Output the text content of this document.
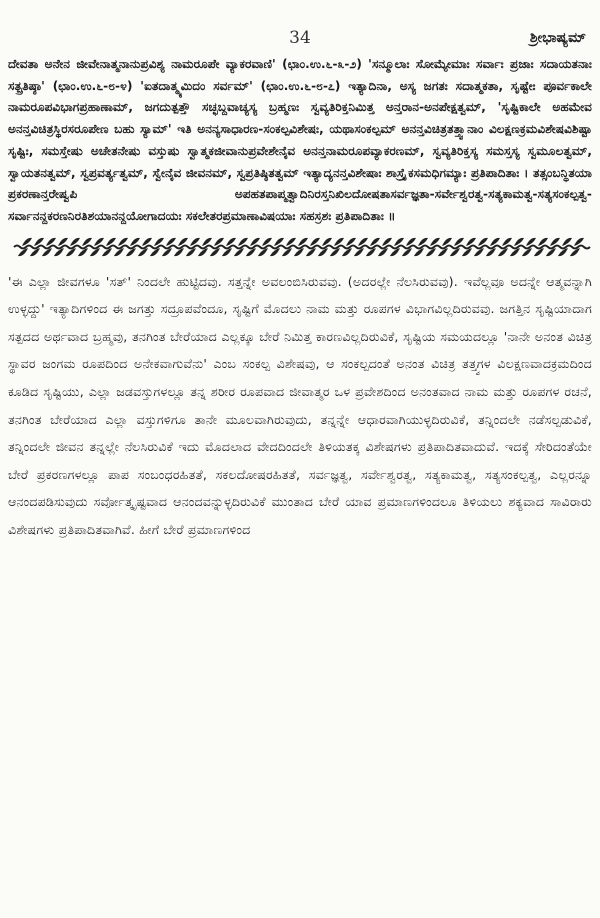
34	ಶ್ರೀಭಾಷ್ಯಮ್

ದೇವತಾ ಅನೇನ ಜೀವೇನಾತ್ಮನಾನುಪ್ರವಿಶ್ಯ ನಾಮರೂಪೇ ವ್ಯಾಕರವಾಣಿ' (ಛಾಂ.ಉ.೬-೩-೨) 'ಸನ್ಮೂಲಾಃ ಸೋಮ್ಯೇಮಾಃ ಸರ್ವಾಃ ಪ್ರಜಾಃ ಸದಾಯತನಾಃ ಸತ್ಪ್ರತಿಷ್ಠಾ' (ಛಾಂ.ಉ.೬-೮-೪) 'ಐತದಾತ್ಮ್ಯಮಿದಂ ಸರ್ವಮ್' (ಛಾಂ.ಉ.೬-೮-೭) ಇತ್ಯಾದಿನಾ, ಅಸ್ಯ ಜಗತಃ ಸದಾತ್ಮಕತಾ, ಸೃಷ್ಟೇಃ ಪೂರ್ವಕಾಲೇ ನಾಮರೂಪವಿಭಾಗಪ್ರಹಾಣಾಮ್, ಜಗದುತ್ಪತ್ತೌ ಸಚ್ಛಬ್ದವಾಚ್ಯಸ್ಯ ಬ್ರಹ್ಮಣಃ ಸ್ವವ್ಯತಿರಿಕ್ತನಿಮಿತ್ತ ಅನ್ತರಾನ-ಅನಪೇಕ್ಷತ್ವಮ್, 'ಸೃಷ್ಟಿಕಾಲೇ ಅಹಮೇವ ಅನನ್ತವಿಚಿತ್ರಸ್ಥಿರಸರೂಪೇಣ ಬಹು ಸ್ಯಾಮ್' ಇತಿ ಅನನ್ಯಸಾಧಾರಣ-ಸಂಕಲ್ಪವಿಶೇಷಃ, ಯಥಾಸಂಕಲ್ಪಮ್ ಅನನ್ತವಿಚಿತ್ರತತ್ತ್ವಾನಾಂ ವಿಲಕ್ಷಣಕ್ರಮವಿಶೇಷವಿಶಿಷ್ಟಾ ಸೃಷ್ಟಿಃ, ಸಮಸ್ತೇಷು ಅಚೇತನೇಷು ವಸ್ತುಷು ಸ್ವಾತ್ಮಕಜೀವಾನುಪ್ರವೇಶೇನೈವ ಅನನ್ತನಾಮರೂಪವ್ಯಾಕರಣಮ್, ಸ್ವವ್ಯತಿರಿಕ್ತಸ್ಯ ಸಮಸ್ತಸ್ಯ ಸ್ವಮೂಲತ್ವಮ್, ಸ್ವಾಯತನತ್ವಮ್, ಸ್ವಪ್ರವರ್ತ್ಯತ್ವಮ್, ಸ್ವೇನೈವ ಜೀವನಮ್, ಸ್ವಪ್ರತಿಷ್ಠಿತತ್ವಮ್ ಇತ್ಯಾದ್ಯನನ್ತವಿಶೇಷಾಃ ಶಾಸ್ತ್ರೈಕಸಮಧಿಗಮ್ಯಾಃ ಪ್ರತಿಪಾದಿತಾಃ । ತತ್ಸಂಬನ್ಧಿತಯಾ ಪ್ರಕರಣಾನ್ತರೇಷ್ವಪಿ ಅಪಹತಪಾಪ್ಮತ್ವಾದಿನಿರಸ್ತನಿಖಿಲದೋಷತಾಸರ್ವಜ್ಞತಾ-ಸರ್ವೇಶ್ವರತ್ವ-ಸತ್ಯಕಾಮತ್ವ-ಸತ್ಯಸಂಕಲ್ಪತ್ವ-ಸರ್ವಾನನ್ದಕರಣನಿರತಿಶಯಾನನ್ದಯೋಗಾದಯಃ ಸಕಲೇತರಪ್ರಮಾಣಾವಿಷಯಾಃ ಸಹಸ್ರಶಃ ಪ್ರತಿಪಾದಿತಾಃ ॥

'ಈ ಎಲ್ಲಾ ಜೀವಗಳೂ 'ಸತ್' ನಿಂದಲೇ ಹುಟ್ಟಿದವು. ಸತ್ತನ್ನೇ ಅವಲಂಬಿಸಿರುವವು. (ಅದರಲ್ಲೇ ನೆಲಸಿರುವವು). ಇವೆಲ್ಲವೂ ಅದನ್ನೇ ಆತ್ಮವನ್ನಾಗಿ ಉಳ್ಳದ್ದು' ಇತ್ಯಾದಿಗಳಿಂದ ಈ ಜಗತ್ತು ಸದ್ರೂಪವೆಂದೂ, ಸೃಷ್ಟಿಗೆ ಮೊದಲು ನಾಮ ಮತ್ತು ರೂಪಗಳ ವಿಭಾಗವಿಲ್ಲದಿರುವವು. ಜಗತ್ತಿನ ಸೃಷ್ಟಿಯಾದಾಗ ಸತ್ಪದದ ಅರ್ಥವಾದ ಬ್ರಹ್ಮವು, ತನಗಿಂತ ಬೇರೆಯಾದ ಎಲ್ಲಕ್ಕೂ ಬೇರೆ ನಿಮಿತ್ತ ಕಾರಣವಿಲ್ಲದಿರುವಿಕೆ, ಸೃಷ್ಟಿಯ ಸಮಯದಲ್ಲೂ 'ನಾನೇ ಅನಂತ ವಿಚಿತ್ರ ಸ್ಥಾವರ ಜಂಗಮ ರೂಪದಿಂದ ಅನೇಕವಾಗುವೆನು' ಎಂಬ ಸಂಕಲ್ಪ ವಿಶೇಷವು, ಆ ಸಂಕಲ್ಪದಂತೆ ಅನಂತ ವಿಚಿತ್ರ ತತ್ತ್ವಗಳ ವಿಲಕ್ಷಣವಾದಕ್ರಮದಿಂದ ಕೂಡಿದ ಸೃಷ್ಟಿಯು, ಎಲ್ಲಾ ಜಡವಸ್ತುಗಳಲ್ಲೂ ತನ್ನ ಶರೀರ ರೂಪವಾದ ಜೀವಾತ್ಮರ ಒಳ ಪ್ರವೇಶದಿಂದ ಅನಂತವಾದ ನಾಮ ಮತ್ತು ರೂಪಗಳ ರಚನೆ, ತನಗಿಂತ ಬೇರೆಯಾದ ಎಲ್ಲಾ ವಸ್ತುಗಳಿಗೂ ತಾನೇ ಮೂಲವಾಗಿರುವುದು, ತನ್ನನ್ನೇ ಆಧಾರವಾಗಿಯುಳ್ಳದಿರುವಿಕೆ, ತನ್ನಿಂದಲೇ ನಡೆಸಲ್ಪಡುವಿಕೆ, ತನ್ನಿಂದಲೇ ಜೀವನ ತನ್ನಲ್ಲೇ ನೆಲಸಿರುವಿಕೆ ಇದು ಮೊದಲಾದ ವೇದದಿಂದಲೇ ತಿಳಿಯತಕ್ಕ ವಿಶೇಷಗಳು ಪ್ರತಿಪಾದಿತವಾದುವೆ. ಇದಕ್ಕೆ ಸೇರಿದಂತೆಯೇ ಬೇರೆ ಪ್ರಕರಣಗಳಲ್ಲೂ ಪಾಪ ಸಂಬಂಧರಹಿತತೆ, ಸಕಲದೋಷರಹಿತತೆ, ಸರ್ವಜ್ಞತ್ವ, ಸರ್ವೇಶ್ವರತ್ವ, ಸತ್ಯಕಾಮತ್ವ, ಸತ್ಯಸಂಕಲ್ಪತ್ವ, ಎಲ್ಲರನ್ನೂ ಆನಂದಪಡಿಸುವುದು ಸರ್ವೋತ್ಕೃಷ್ಟವಾದ ಆನಂದವನ್ನುಳ್ಳದಿರುವಿಕೆ ಮುಂತಾದ ಬೇರೆ ಯಾವ ಪ್ರಮಾಣಗಳಿಂದಲೂ ತಿಳಿಯಲು ಶಕ್ಯವಾದ ಸಾವಿರಾರು ವಿಶೇಷಗಳು ಪ್ರತಿಪಾದಿತವಾಗಿವೆ. ಹೀಗೆ ಬೇರೆ ಪ್ರಮಾಣಗಳಿಂದ
